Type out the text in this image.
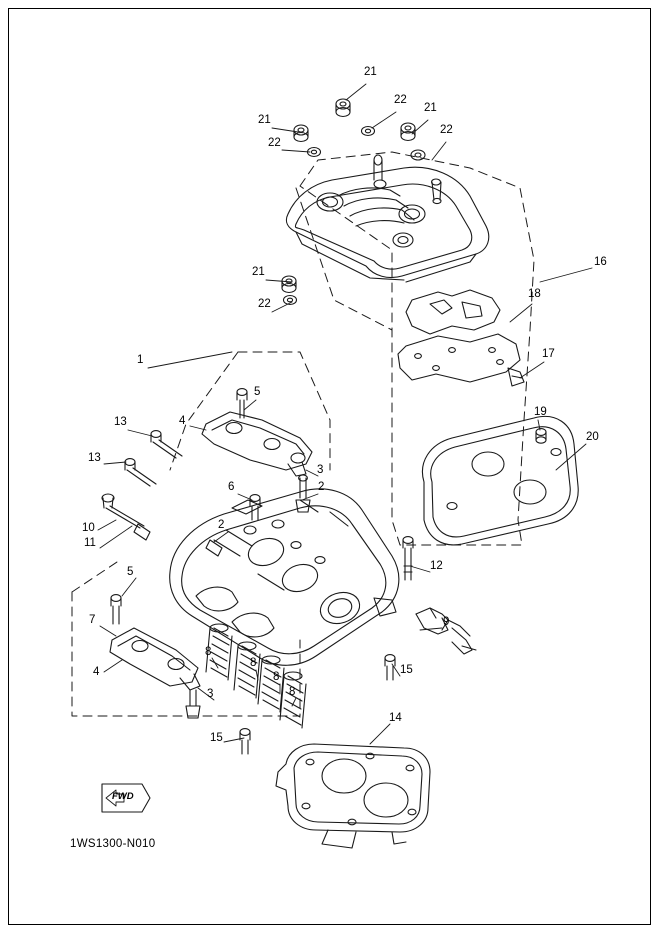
21
22
21
22
21
22
16
18
17
19
20
21
22
1
5
4
13
13
3
6	2
10
11
2
12
5
9
7
4
8
8
8
8
3
15
15
14
FWD
1WS1300-N010
